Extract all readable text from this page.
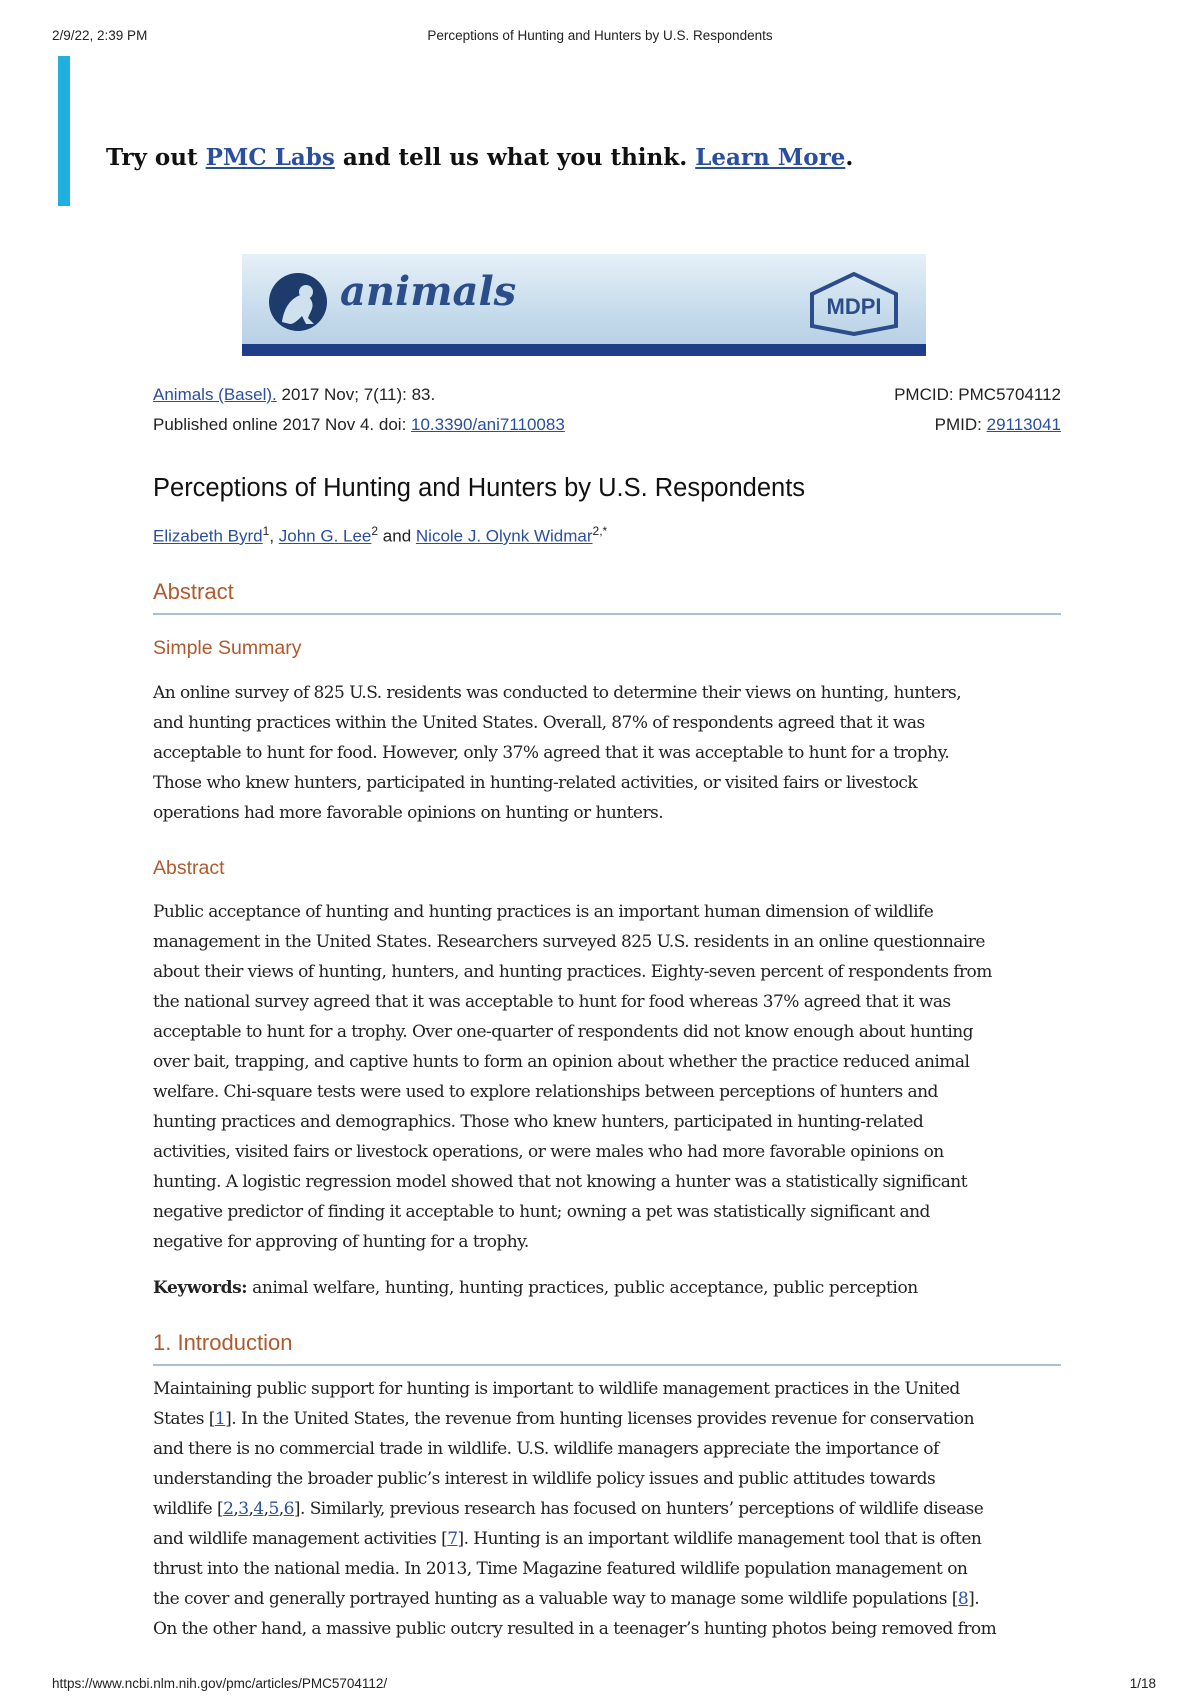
2/9/22, 2:39 PM	Perceptions of Hunting and Hunters by U.S. Respondents
Try out PMC Labs and tell us what you think. Learn More.
animals	MDPI
Animals (Basel). 2017 Nov; 7(11): 83.	PMCID: PMC5704112
Published online 2017 Nov 4. doi: 10.3390/ani7110083	PMID: 29113041
Perceptions of Hunting and Hunters by U.S. Respondents
Elizabeth Byrd$^1$, John G. Lee$^2$ and Nicole J. Olynk Widmar$^{2,*}$
Abstract
Simple Summary
An online survey of 825 U.S. residents was conducted to determine their views on hunting, hunters,
and hunting practices within the United States. Overall, 87% of respondents agreed that it was
acceptable to hunt for food. However, only 37% agreed that it was acceptable to hunt for a trophy.
Those who knew hunters, participated in hunting-related activities, or visited fairs or livestock
operations had more favorable opinions on hunting or hunters.
Abstract
Public acceptance of hunting and hunting practices is an important human dimension of wildlife
management in the United States. Researchers surveyed 825 U.S. residents in an online questionnaire
about their views of hunting, hunters, and hunting practices. Eighty-seven percent of respondents from
the national survey agreed that it was acceptable to hunt for food whereas 37% agreed that it was
acceptable to hunt for a trophy. Over one-quarter of respondents did not know enough about hunting
over bait, trapping, and captive hunts to form an opinion about whether the practice reduced animal
welfare. Chi-square tests were used to explore relationships between perceptions of hunters and
hunting practices and demographics. Those who knew hunters, participated in hunting-related
activities, visited fairs or livestock operations, or were males who had more favorable opinions on
hunting. A logistic regression model showed that not knowing a hunter was a statistically significant
negative predictor of finding it acceptable to hunt; owning a pet was statistically significant and
negative for approving of hunting for a trophy.
Keywords: animal welfare, hunting, hunting practices, public acceptance, public perception
1. Introduction
Maintaining public support for hunting is important to wildlife management practices in the United
States [1]. In the United States, the revenue from hunting licenses provides revenue for conservation
and there is no commercial trade in wildlife. U.S. wildlife managers appreciate the importance of
understanding the broader public’s interest in wildlife policy issues and public attitudes towards
wildlife [2,3,4,5,6]. Similarly, previous research has focused on hunters’ perceptions of wildlife disease
and wildlife management activities [7]. Hunting is an important wildlife management tool that is often
thrust into the national media. In 2013, Time Magazine featured wildlife population management on
the cover and generally portrayed hunting as a valuable way to manage some wildlife populations [8].
On the other hand, a massive public outcry resulted in a teenager’s hunting photos being removed from
https://www.ncbi.nlm.nih.gov/pmc/articles/PMC5704112/	1/18
